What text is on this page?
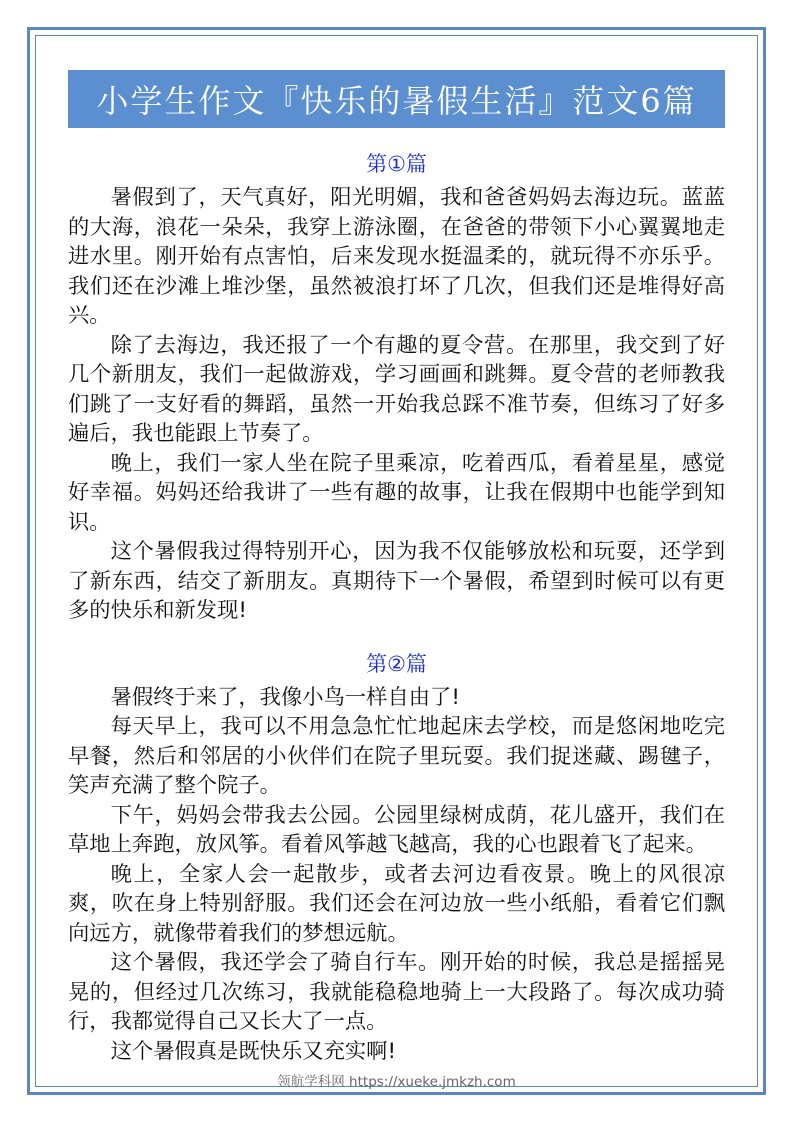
小学生作文『快乐的暑假生活』范文6篇
第①篇

暑假到了，天气真好，阳光明媚，我和爸爸妈妈去海边玩。蓝蓝的大海，浪花一朵朵，我穿上游泳圈，在爸爸的带领下小心翼翼地走进水里。刚开始有点害怕，后来发现水挺温柔的，就玩得不亦乐乎。我们还在沙滩上堆沙堡，虽然被浪打坏了几次，但我们还是堆得好高兴。

除了去海边，我还报了一个有趣的夏令营。在那里，我交到了好几个新朋友，我们一起做游戏，学习画画和跳舞。夏令营的老师教我们跳了一支好看的舞蹈，虽然一开始我总踩不准节奏，但练习了好多遍后，我也能跟上节奏了。

晚上，我们一家人坐在院子里乘凉，吃着西瓜，看着星星，感觉好幸福。妈妈还给我讲了一些有趣的故事，让我在假期中也能学到知识。

这个暑假我过得特别开心，因为我不仅能够放松和玩耍，还学到了新东西，结交了新朋友。真期待下一个暑假，希望到时候可以有更多的快乐和新发现!

第②篇

暑假终于来了，我像小鸟一样自由了!

每天早上，我可以不用急急忙忙地起床去学校，而是悠闲地吃完早餐，然后和邻居的小伙伴们在院子里玩耍。我们捉迷藏、踢毽子，笑声充满了整个院子。

下午，妈妈会带我去公园。公园里绿树成荫，花儿盛开，我们在草地上奔跑，放风筝。看着风筝越飞越高，我的心也跟着飞了起来。

晚上，全家人会一起散步，或者去河边看夜景。晚上的风很凉爽，吹在身上特别舒服。我们还会在河边放一些小纸船，看着它们飘向远方，就像带着我们的梦想远航。

这个暑假，我还学会了骑自行车。刚开始的时候，我总是摇摇晃晃的，但经过几次练习，我就能稳稳地骑上一大段路了。每次成功骑行，我都觉得自己又长大了一点。

这个暑假真是既快乐又充实啊!

领航学科网 https://xueke.jmkzh.com
